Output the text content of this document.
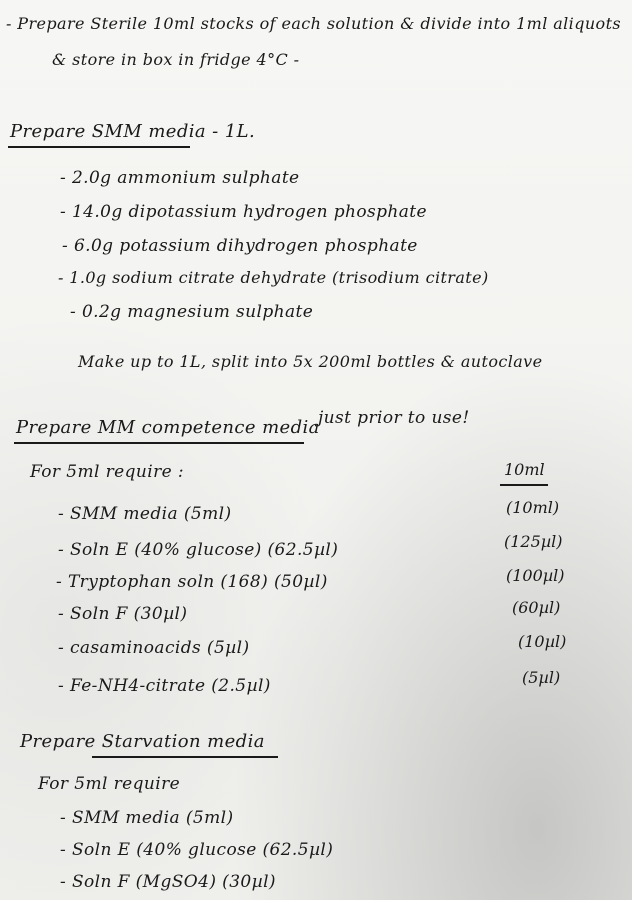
- Prepare Sterile 10ml stocks of each solution & divide into 1ml aliquots
& store in box in fridge 4°C -
Prepare SMM media - 1L.
- 2.0g ammonium sulphate
- 14.0g dipotassium hydrogen phosphate
- 6.0g potassium dihydrogen phosphate
- 1.0g sodium citrate dehydrate (trisodium citrate)
- 0.2g magnesium sulphate
Make up to 1L, split into 5x 200ml bottles & autoclave
Prepare MM competence media
just prior to use!
For 5ml require :	10ml
- SMM media (5ml)	(10ml)
- Soln E (40% glucose) (62.5µl)	(125µl)
- Tryptophan soln (168) (50µl)	(100µl)
- Soln F (30µl)	(60µl)
- casaminoacids (5µl)	(10µl)
- Fe-NH4-citrate (2.5µl)	(5µl)
Prepare Starvation media
For 5ml require
- SMM media (5ml)
- Soln E (40% glucose (62.5µl)
- Soln F (MgSO4) (30µl)
